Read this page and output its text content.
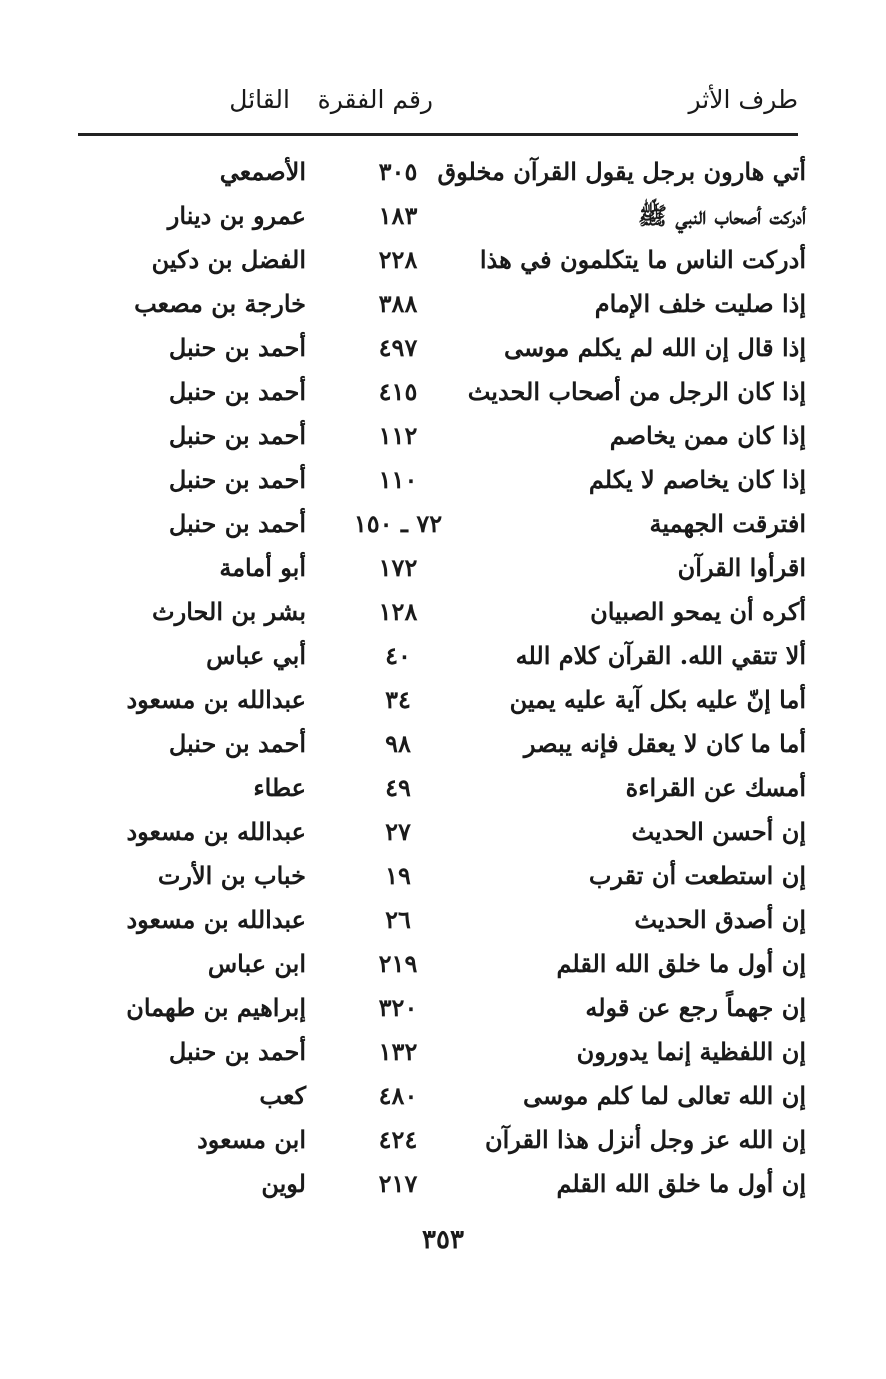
طرف الأثر
رقم الفقرة
القائل
أتي هارون برجل يقول القرآن مخلوق
٣٠٥
الأصمعي
أدركت أصحاب النبي ﷺ
١٨٣
عمرو بن دينار
أدركت الناس ما يتكلمون في هذا
٢٢٨
الفضل بن دكين
إذا صليت خلف الإمام
٣٨٨
خارجة بن مصعب
إذا قال إن الله لم يكلم موسى
٤٩٧
أحمد بن حنبل
إذا كان الرجل من أصحاب الحديث
٤١٥
أحمد بن حنبل
إذا كان ممن يخاصم
١١٢
أحمد بن حنبل
إذا كان يخاصم لا يكلم
١١٠
أحمد بن حنبل
افترقت الجهمية
٧٢ ـ ١٥٠
أحمد بن حنبل
اقرأوا القرآن
١٧٢
أبو أمامة
أكره أن يمحو الصبيان
١٢٨
بشر بن الحارث
ألا تتقي الله. القرآن كلام الله
٤٠
أبي عباس
أما إنّ عليه بكل آية عليه يمين
٣٤
عبدالله بن مسعود
أما ما كان لا يعقل فإنه يبصر
٩٨
أحمد بن حنبل
أمسك عن القراءة
٤٩
عطاء
إن أحسن الحديث
٢٧
عبدالله بن مسعود
إن استطعت أن تقرب
١٩
خباب بن الأرت
إن أصدق الحديث
٢٦
عبدالله بن مسعود
إن أول ما خلق الله القلم
٢١٩
ابن عباس
إن جهماً رجع عن قوله
٣٢٠
إبراهيم بن طهمان
إن اللفظية إنما يدورون
١٣٢
أحمد بن حنبل
إن الله تعالى لما كلم موسى
٤٨٠
كعب
إن الله عز وجل أنزل هذا القرآن
٤٢٤
ابن مسعود
إن أول ما خلق الله القلم
٢١٧
لوين
٣٥٣
